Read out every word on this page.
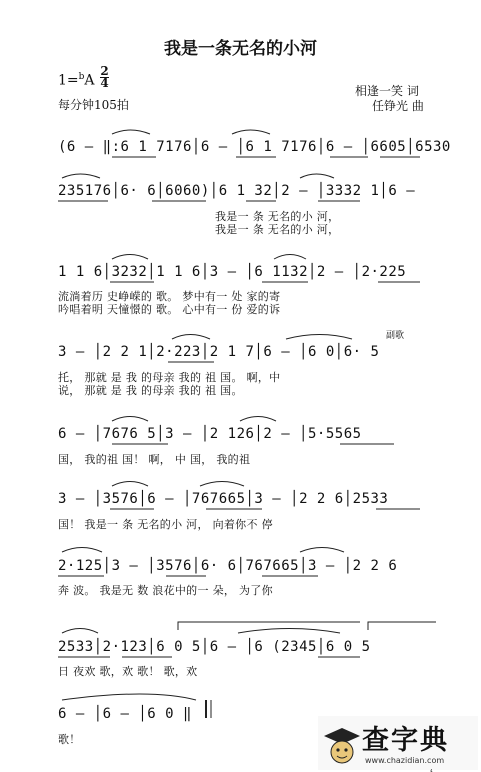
我是一条无名的小河
1=$^b$A
2
4
每分钟105拍
相逢一笑 词
任铮光 曲
(6 – ‖:6 1 7176│6 – │6 1 7176│6 – │6605│6530
235176│6· 6│6060)│6 1 32│2 – │3332 1│6 –
我是一 条 无名的小 河，
我是一 条 无名的小 河，
1 1 6│3232│1 1 6│3 – │6 1132│2 – │2·225
流淌着历 史峥嵘的 歌。 梦中有一 处 家的寄
吟唱着明 天憧憬的 歌。 心中有一 份 爱的诉
副歌
3 – │2 2 1│2·223│2 1 7│6 – │6 0│6· 5
托， 那就 是 我 的母亲 我的 祖 国。 啊，中
说， 那就 是 我 的母亲 我的 祖 国。
6 – │7676 5│3 – │2 126│2 – │5·5565
国， 我的祖 国！ 啊， 中 国， 我的祖
3 – │3576│6 – │767665│3 – │2 2 6│2533
国！ 我是一 条 无名的小 河， 向着你不 停
2·125│3 – │3576│6· 6│767665│3 – │2 2 6
奔 波。 我是无 数 浪花中的一 朵， 为了你
2533│2·123│6 0 5│6 – │6 (2345│6 0 5
日 夜欢 歌，欢 歌！ 歌，欢
6 – │6 – │6 0 ‖
歌！	查字典
www.chazidian.com
4
